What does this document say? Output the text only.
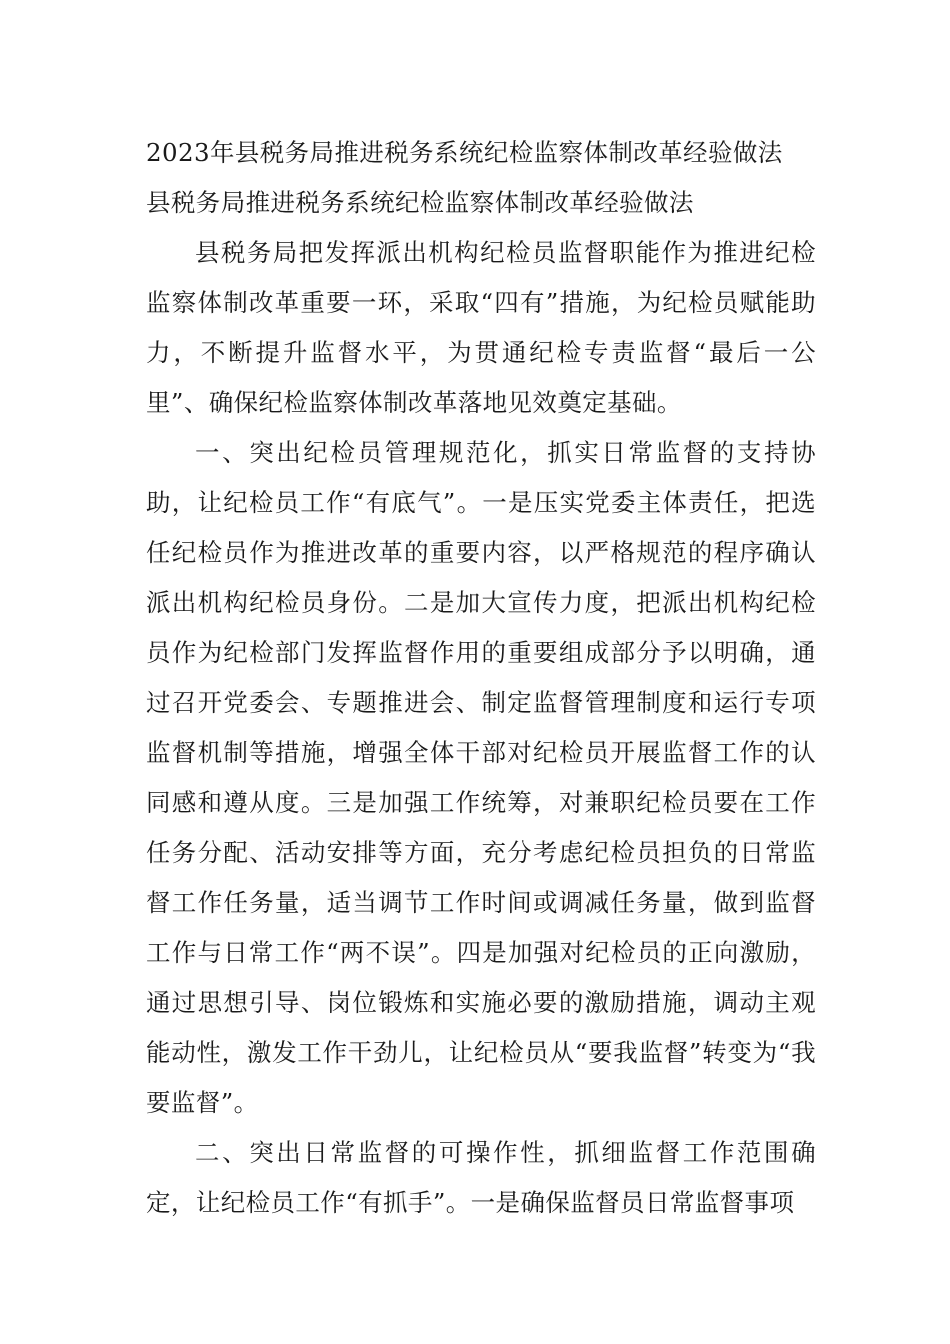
2023年县税务局推进税务系统纪检监察体制改革经验做法
县税务局推进税务系统纪检监察体制改革经验做法

县税务局把发挥派出机构纪检员监督职能作为推进纪检监察体制改革重要一环，采取“四有”措施，为纪检员赋能助力，不断提升监督水平，为贯通纪检专责监督“最后一公里”、确保纪检监察体制改革落地见效奠定基础。

一、突出纪检员管理规范化，抓实日常监督的支持协助，让纪检员工作“有底气”。一是压实党委主体责任，把选任纪检员作为推进改革的重要内容，以严格规范的程序确认派出机构纪检员身份。二是加大宣传力度，把派出机构纪检员作为纪检部门发挥监督作用的重要组成部分予以明确，通过召开党委会、专题推进会、制定监督管理制度和运行专项监督机制等措施，增强全体干部对纪检员开展监督工作的认同感和遵从度。三是加强工作统筹，对兼职纪检员要在工作任务分配、活动安排等方面，充分考虑纪检员担负的日常监督工作任务量，适当调节工作时间或调减任务量，做到监督工作与日常工作“两不误”。四是加强对纪检员的正向激励，通过思想引导、岗位锻炼和实施必要的激励措施，调动主观能动性，激发工作干劲儿，让纪检员从“要我监督”转变为“我要监督”。

二、突出日常监督的可操作性，抓细监督工作范围确定，让纪检员工作“有抓手”。一是确保监督员日常监督事项
